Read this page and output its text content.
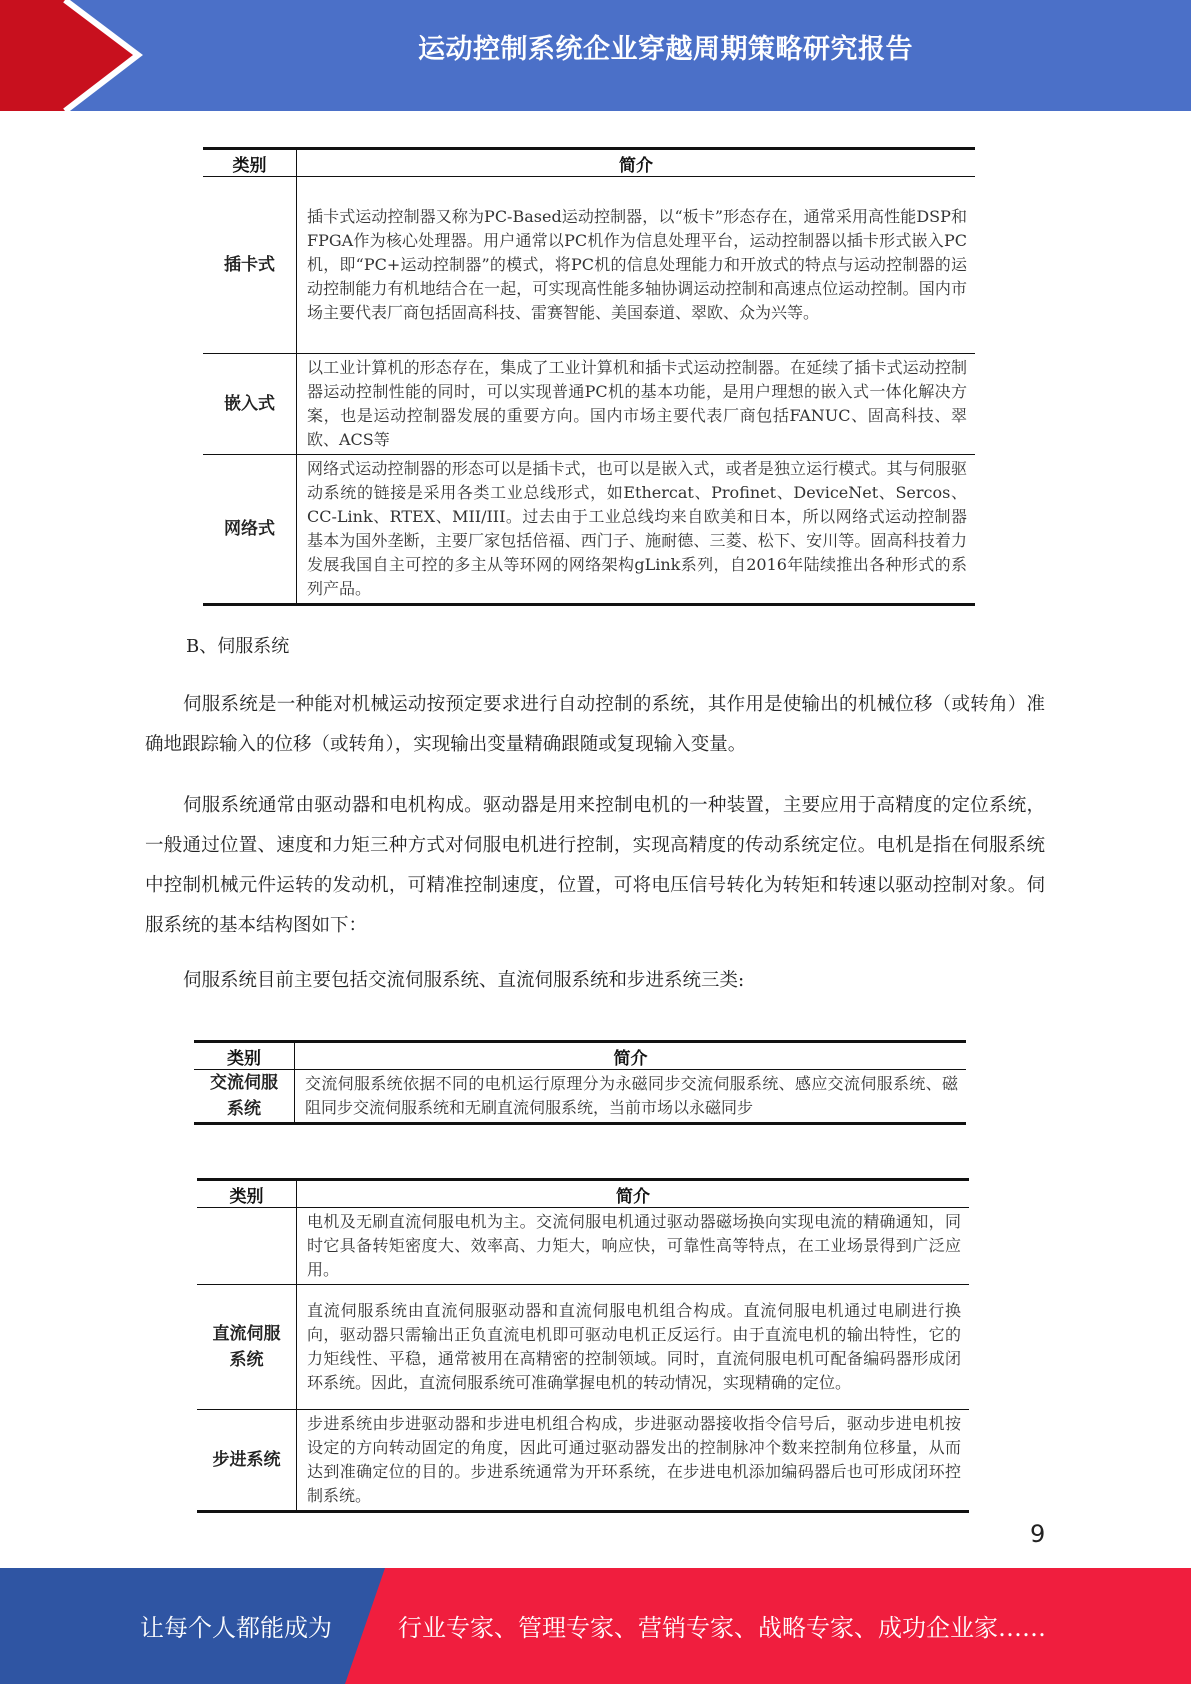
运动控制系统企业穿越周期策略研究报告
类别	简介
插卡式	插卡式运动控制器又称为PC-Based运动控制器，以“板卡”形态存在，通常采用高性能DSP和FPGA作为核心处理器。用户通常以PC机作为信息处理平台，运动控制器以插卡形式嵌入PC机，即“PC+运动控制器”的模式，将PC机的信息处理能力和开放式的特点与运动控制器的运动控制能力有机地结合在一起，可实现高性能多轴协调运动控制和高速点位运动控制。国内市场主要代表厂商包括固高科技、雷赛智能、美国泰道、翠欧、众为兴等。
嵌入式	以工业计算机的形态存在，集成了工业计算机和插卡式运动控制器。在延续了插卡式运动控制器运动控制性能的同时，可以实现普通PC机的基本功能，是用户理想的嵌入式一体化解决方案，也是运动控制器发展的重要方向。国内市场主要代表厂商包括FANUC、固高科技、翠欧、ACS等
网络式	网络式运动控制器的形态可以是插卡式，也可以是嵌入式，或者是独立运行模式。其与伺服驱动系统的链接是采用各类工业总线形式，如Ethercat、Profinet、DeviceNet、Sercos、CC-Link、RTEX、MII/III。过去由于工业总线均来自欧美和日本，所以网络式运动控制器基本为国外垄断，主要厂家包括倍福、西门子、施耐德、三菱、松下、安川等。固高科技着力发展我国自主可控的多主从等环网的网络架构gLink系列，自2016年陆续推出各种形式的系列产品。
B、伺服系统

伺服系统是一种能对机械运动按预定要求进行自动控制的系统，其作用是使输出的机械位移（或转角）准确地跟踪输入的位移（或转角），实现输出变量精确跟随或复现输入变量。

伺服系统通常由驱动器和电机构成。驱动器是用来控制电机的一种装置，主要应用于高精度的定位系统，一般通过位置、速度和力矩三种方式对伺服电机进行控制，实现高精度的传动系统定位。电机是指在伺服系统中控制机械元件运转的发动机，可精准控制速度，位置，可将电压信号转化为转矩和转速以驱动控制对象。伺服系统的基本结构图如下：

伺服系统目前主要包括交流伺服系统、直流伺服系统和步进系统三类:

类别	简介
交流伺服系统	交流伺服系统依据不同的电机运行原理分为永磁同步交流伺服系统、感应交流伺服系统、磁阻同步交流伺服系统和无刷直流伺服系统，当前市场以永磁同步
类别	简介
	电机及无刷直流伺服电机为主。交流伺服电机通过驱动器磁场换向实现电流的精确通知，同时它具备转矩密度大、效率高、力矩大，响应快，可靠性高等特点，在工业场景得到广泛应用。
直流伺服系统	直流伺服系统由直流伺服驱动器和直流伺服电机组合构成。直流伺服电机通过电刷进行换向，驱动器只需输出正负直流电机即可驱动电机正反运行。由于直流电机的输出特性，它的力矩线性、平稳，通常被用在高精密的控制领域。同时，直流伺服电机可配备编码器形成闭环系统。因此，直流伺服系统可准确掌握电机的转动情况，实现精确的定位。
步进系统	步进系统由步进驱动器和步进电机组合构成，步进驱动器接收指令信号后，驱动步进电机按设定的方向转动固定的角度，因此可通过驱动器发出的控制脉冲个数来控制角位移量，从而达到准确定位的目的。步进系统通常为开环系统，在步进电机添加编码器后也可形成闭环控制系统。
9
让每个人都能成为	行业专家、管理专家、营销专家、战略专家、成功企业家……
